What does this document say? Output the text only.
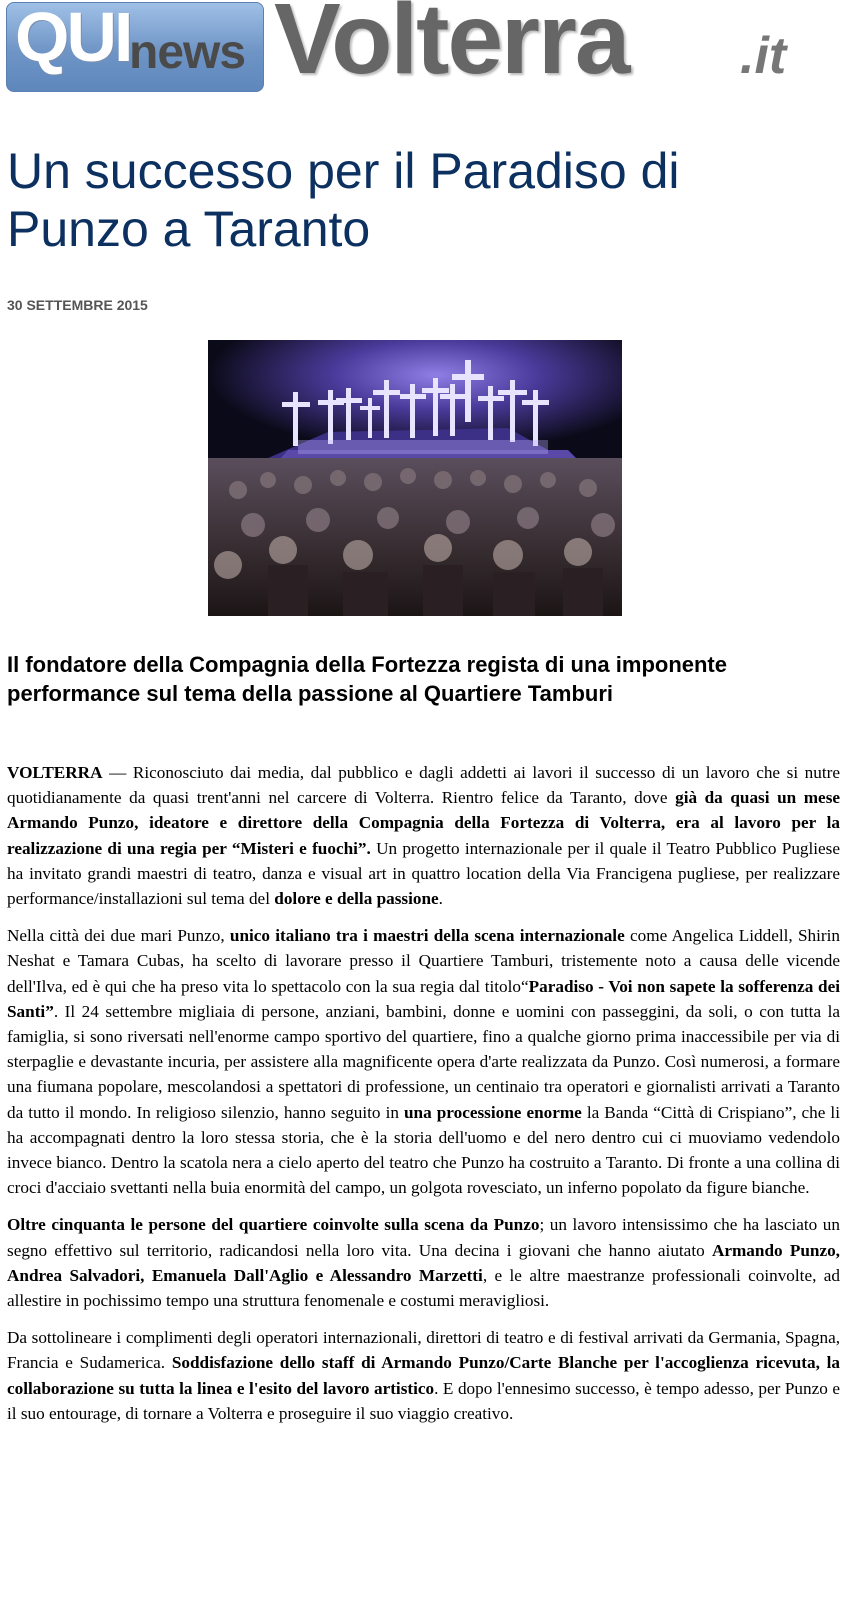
QUI
news Volterra .it
Un successo per il Paradiso di Punzo a Taranto
30 SETTEMBRE 2015
Il fondatore della Compagnia della Fortezza regista di una imponente performance sul tema della passione al Quartiere Tamburi

VOLTERRA — Riconosciuto dai media, dal pubblico e dagli addetti ai lavori il successo di un lavoro che si nutre quotidianamente da quasi trent'anni nel carcere di Volterra. Rientro felice da Taranto, dove già da quasi un mese Armando Punzo, ideatore e direttore della Compagnia della Fortezza di Volterra, era al lavoro per la realizzazione di una regia per “Misteri e fuochi”. Un progetto internazionale per il quale il Teatro Pubblico Pugliese ha invitato grandi maestri di teatro, danza e visual art in quattro location della Via Francigena pugliese, per realizzare performance/installazioni sul tema del dolore e della passione.

Nella città dei due mari Punzo, unico italiano tra i maestri della scena internazionale come Angelica Liddell, Shirin Neshat e Tamara Cubas, ha scelto di lavorare presso il Quartiere Tamburi, tristemente noto a causa delle vicende dell'Ilva, ed è qui che ha preso vita lo spettacolo con la sua regia dal titolo“Paradiso - Voi non sapete la sofferenza dei Santi”. Il 24 settembre migliaia di persone, anziani, bambini, donne e uomini con passeggini, da soli, o con tutta la famiglia, si sono riversati nell'enorme campo sportivo del quartiere, fino a qualche giorno prima inaccessibile per via di sterpaglie e devastante incuria, per assistere alla magnificente opera d'arte realizzata da Punzo. Così numerosi, a formare una fiumana popolare, mescolandosi a spettatori di professione, un centinaio tra operatori e giornalisti arrivati a Taranto da tutto il mondo. In religioso silenzio, hanno seguito in una processione enorme la Banda “Città di Crispiano”, che li ha accompagnati dentro la loro stessa storia, che è la storia dell'uomo e del nero dentro cui ci muoviamo vedendolo invece bianco. Dentro la scatola nera a cielo aperto del teatro che Punzo ha costruito a Taranto. Di fronte a una collina di croci d'acciaio svettanti nella buia enormità del campo, un golgota rovesciato, un inferno popolato da figure bianche.

Oltre cinquanta le persone del quartiere coinvolte sulla scena da Punzo; un lavoro intensissimo che ha lasciato un segno effettivo sul territorio, radicandosi nella loro vita. Una decina i giovani che hanno aiutato Armando Punzo, Andrea Salvadori, Emanuela Dall'Aglio e Alessandro Marzetti, e le altre maestranze professionali coinvolte, ad allestire in pochissimo tempo una struttura fenomenale e costumi meravigliosi.

Da sottolineare i complimenti degli operatori internazionali, direttori di teatro e di festival arrivati da Germania, Spagna, Francia e Sudamerica. Soddisfazione dello staff di Armando Punzo/Carte Blanche per l'accoglienza ricevuta, la collaborazione su tutta la linea e l'esito del lavoro artistico. E dopo l'ennesimo successo, è tempo adesso, per Punzo e il suo entourage, di tornare a Volterra e proseguire il suo viaggio creativo.
